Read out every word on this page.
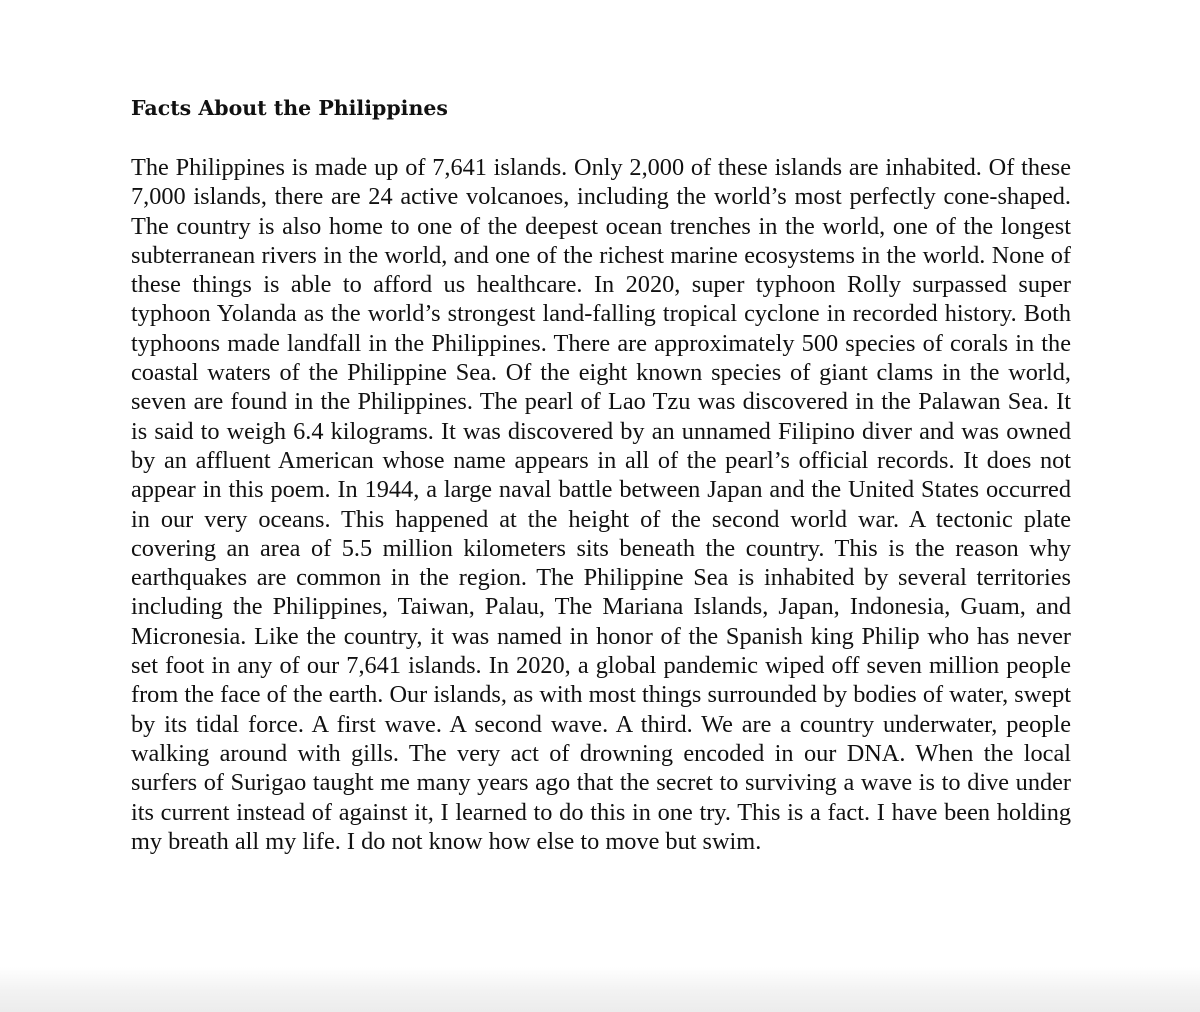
Facts About the Philippines

The Philippines is made up of 7,641 islands. Only 2,000 of these islands are inhabited. Of these 7,000 islands, there are 24 active volcanoes, including the world’s most perfectly cone-shaped. The country is also home to one of the deepest ocean trenches in the world, one of the longest subterranean rivers in the world, and one of the richest marine ecosystems in the world. None of these things is able to afford us healthcare. In 2020, super typhoon Rolly surpassed super typhoon Yolanda as the world’s strongest land-falling tropical cyclone in recorded history. Both typhoons made landfall in the Philippines. There are approximately 500 species of corals in the coastal waters of the Philippine Sea. Of the eight known species of giant clams in the world, seven are found in the Philippines. The pearl of Lao Tzu was discovered in the Palawan Sea. It is said to weigh 6.4 kilograms. It was discovered by an unnamed Filipino diver and was owned by an affluent American whose name appears in all of the pearl’s official records. It does not appear in this poem. In 1944, a large naval battle between Japan and the United States occurred in our very oceans. This happened at the height of the second world war. A tectonic plate covering an area of 5.5 million kilometers sits beneath the country. This is the reason why earthquakes are common in the region. The Philippine Sea is inhabited by several territories including the Philippines, Taiwan, Palau, The Mariana Islands, Japan, Indonesia, Guam, and Micronesia. Like the country, it was named in honor of the Spanish king Philip who has never set foot in any of our 7,641 islands. In 2020, a global pandemic wiped off seven million people from the face of the earth. Our islands, as with most things surrounded by bodies of water, swept by its tidal force. A first wave. A second wave. A third. We are a country underwater, people walking around with gills. The very act of drowning encoded in our DNA. When the local surfers of Surigao taught me many years ago that the secret to surviving a wave is to dive under its current instead of against it, I learned to do this in one try. This is a fact. I have been holding my breath all my life. I do not know how else to move but swim.
